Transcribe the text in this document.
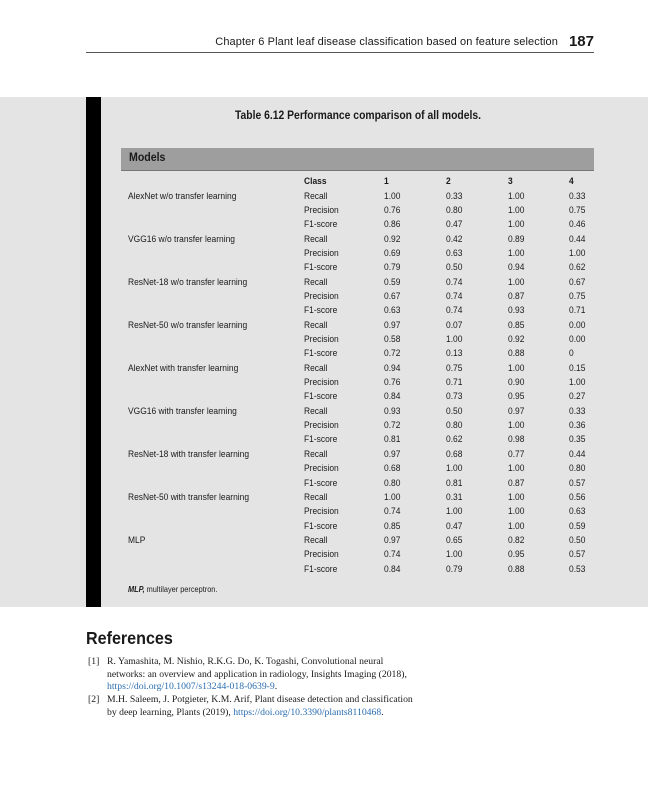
Chapter 6 Plant leaf disease classification based on feature selection 187
Table 6.12 Performance comparison of all models.
Models
Class	1	2	3	4
AlexNet w/o transfer learning	Recall	1.00	0.33	1.00	0.33
Precision	0.76	0.80	1.00	0.75
F1-score	0.86	0.47	1.00	0.46
VGG16 w/o transfer learning	Recall	0.92	0.42	0.89	0.44
Precision	0.69	0.63	1.00	1.00
F1-score	0.79	0.50	0.94	0.62
ResNet-18 w/o transfer learning	Recall	0.59	0.74	1.00	0.67
Precision	0.67	0.74	0.87	0.75
F1-score	0.63	0.74	0.93	0.71
ResNet-50 w/o transfer learning	Recall	0.97	0.07	0.85	0.00
Precision	0.58	1.00	0.92	0.00
F1-score	0.72	0.13	0.88	0
AlexNet with transfer learning	Recall	0.94	0.75	1.00	0.15
Precision	0.76	0.71	0.90	1.00
F1-score	0.84	0.73	0.95	0.27
VGG16 with transfer learning	Recall	0.93	0.50	0.97	0.33
Precision	0.72	0.80	1.00	0.36
F1-score	0.81	0.62	0.98	0.35
ResNet-18 with transfer learning	Recall	0.97	0.68	0.77	0.44
Precision	0.68	1.00	1.00	0.80
F1-score	0.80	0.81	0.87	0.57
ResNet-50 with transfer learning	Recall	1.00	0.31	1.00	0.56
Precision	0.74	1.00	1.00	0.63
F1-score	0.85	0.47	1.00	0.59
MLP	Recall	0.97	0.65	0.82	0.50
Precision	0.74	1.00	0.95	0.57
F1-score	0.84	0.79	0.88	0.53
MLP, multilayer perceptron.
References
[1] R. Yamashita, M. Nishio, R.K.G. Do, K. Togashi, Convolutional neural networks: an overview and application in radiology, Insights Imaging (2018), https://doi.org/10.1007/s13244-018-0639-9.
[2] M.H. Saleem, J. Potgieter, K.M. Arif, Plant disease detection and classification by deep learning, Plants (2019), https://doi.org/10.3390/plants8110468.
